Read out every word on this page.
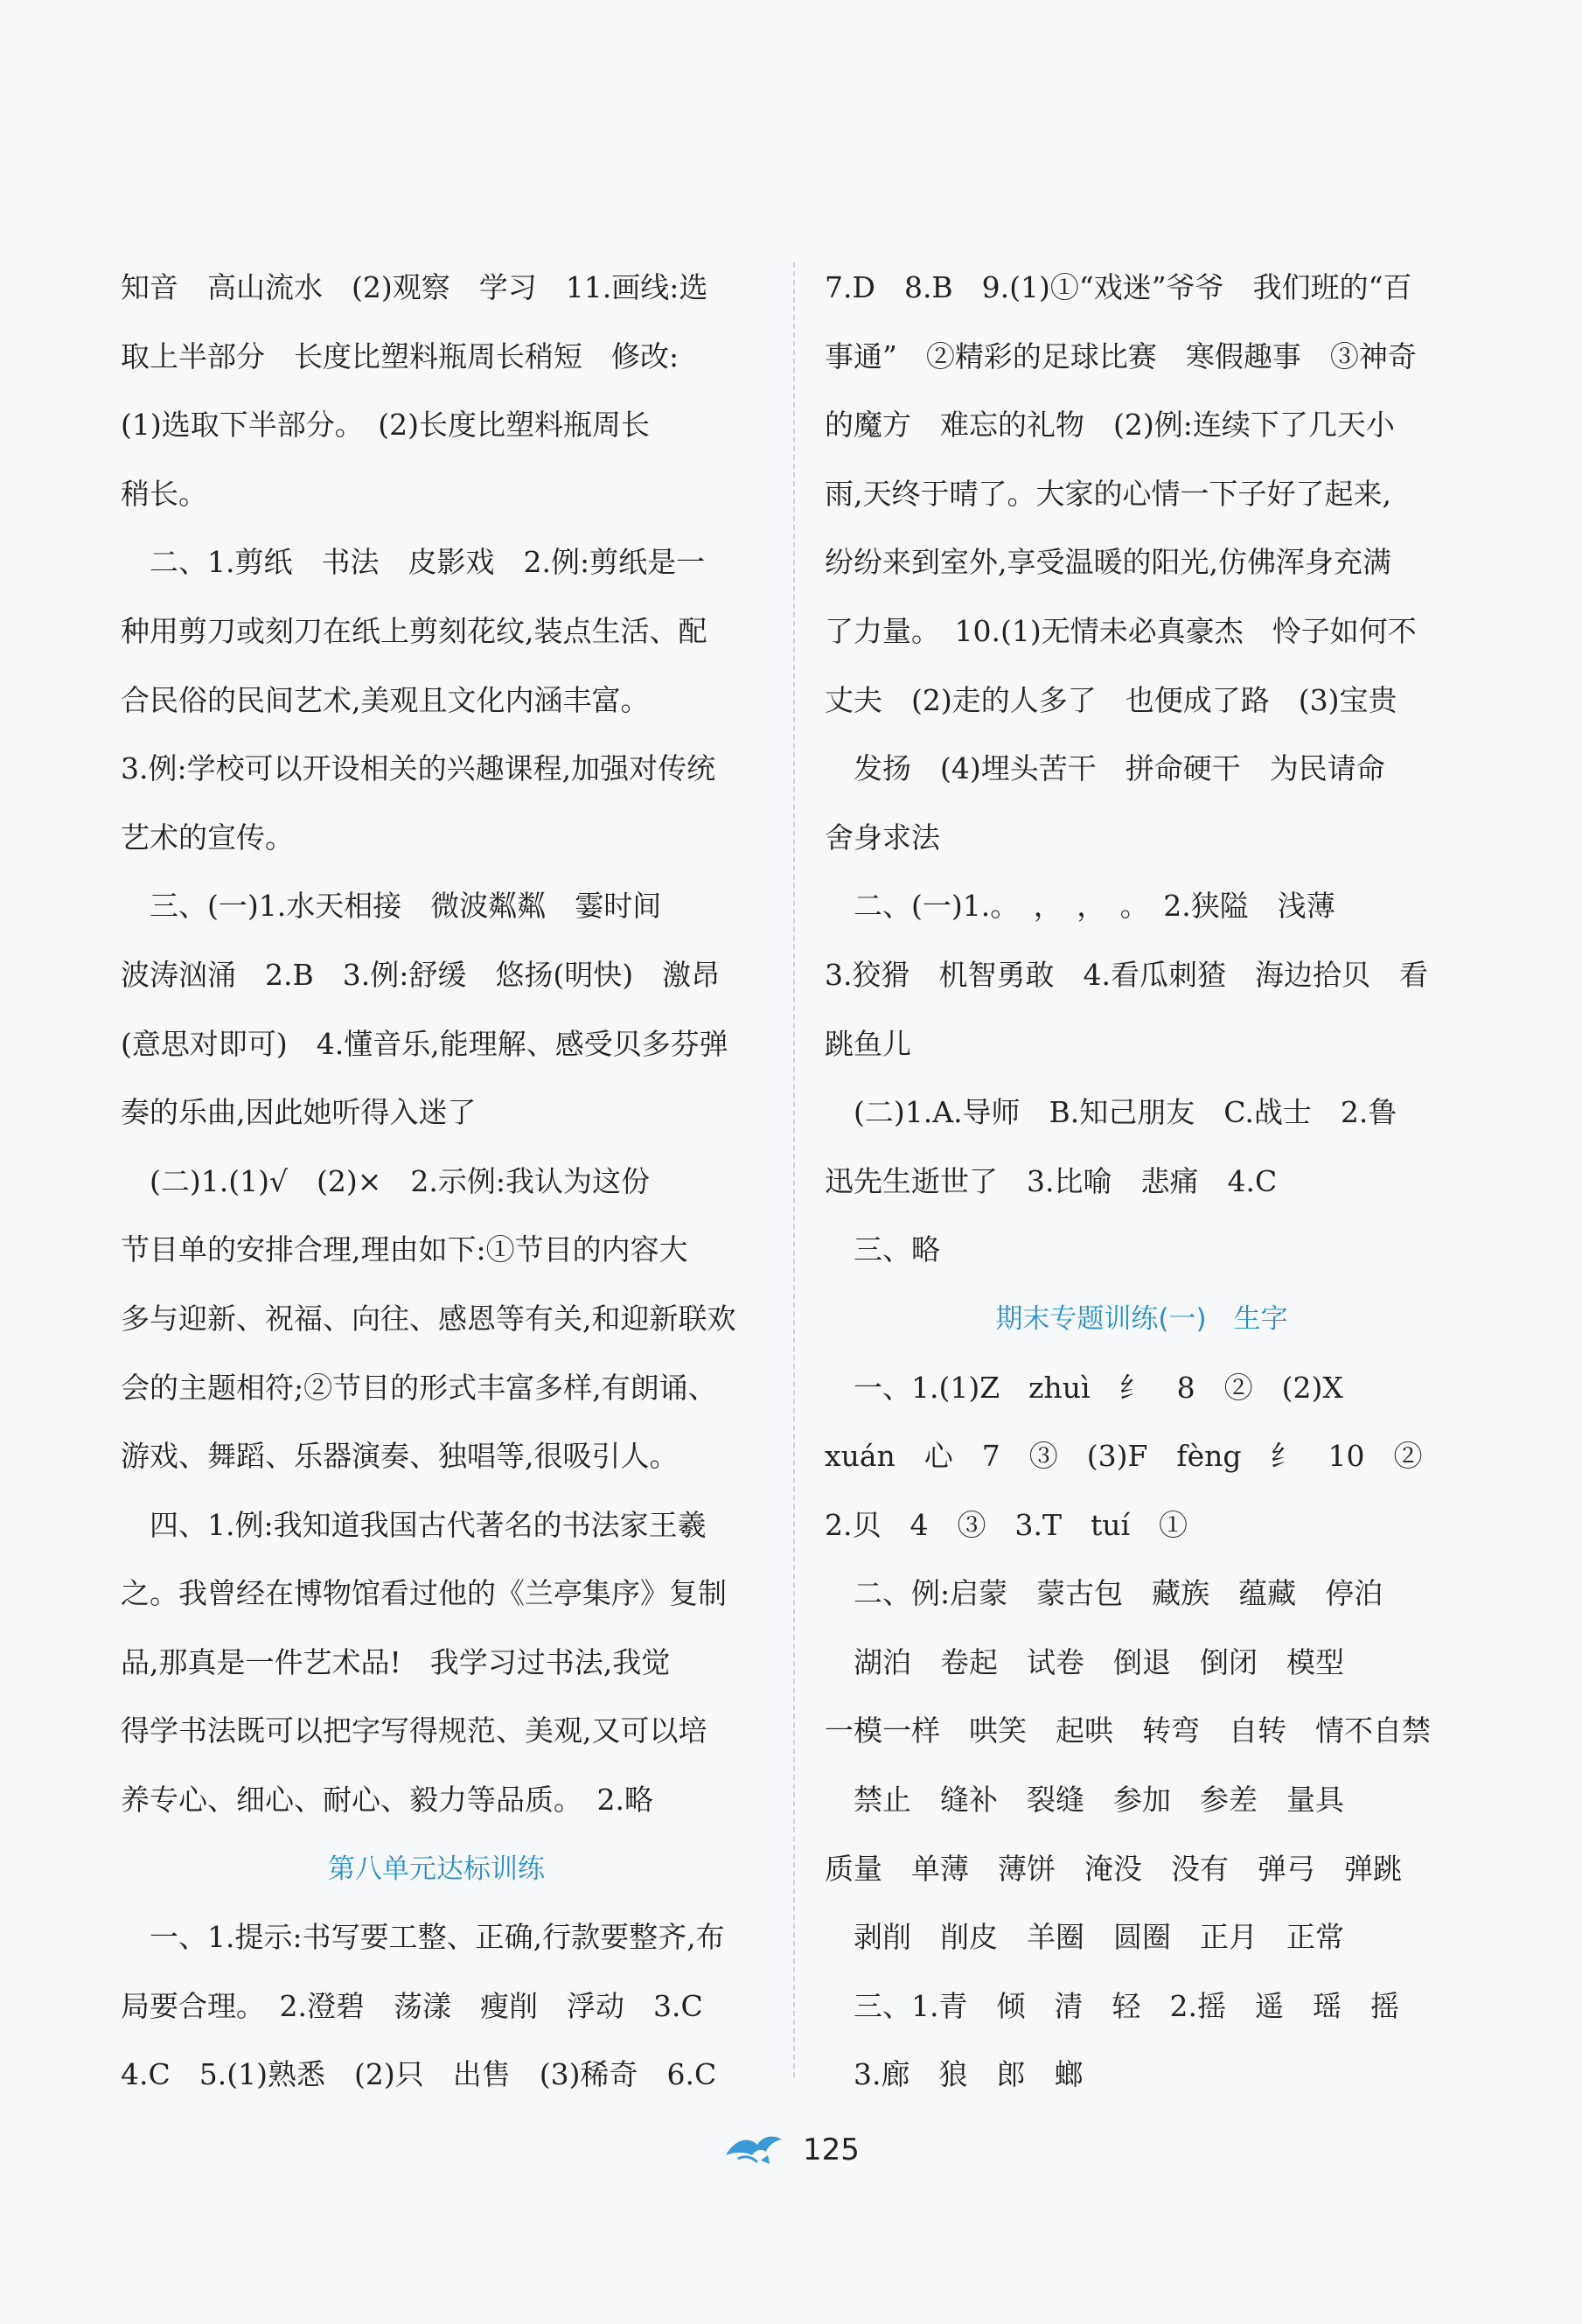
知音　高山流水　(2)观察　学习　11.画线:选
取上半部分　长度比塑料瓶周长稍短　修改:
(1)选取下半部分。　(2)长度比塑料瓶周长
稍长。
　二、1.剪纸　书法　皮影戏　2.例:剪纸是一
种用剪刀或刻刀在纸上剪刻花纹,装点生活、配
合民俗的民间艺术,美观且文化内涵丰富。
3.例:学校可以开设相关的兴趣课程,加强对传统
艺术的宣传。
　三、(一)1.水天相接　微波粼粼　霎时间
波涛汹涌　2.B　3.例:舒缓　悠扬(明快)　激昂
(意思对即可)　4.懂音乐,能理解、感受贝多芬弹
奏的乐曲,因此她听得入迷了
　(二)1.(1)√　(2)×　2.示例:我认为这份
节目单的安排合理,理由如下:①节目的内容大
多与迎新、祝福、向往、感恩等有关,和迎新联欢
会的主题相符;②节目的形式丰富多样,有朗诵、
游戏、舞蹈、乐器演奏、独唱等,很吸引人。
　四、1.例:我知道我国古代著名的书法家王羲
之。我曾经在博物馆看过他的《兰亭集序》复制
品,那真是一件艺术品!　我学习过书法,我觉
得学书法既可以把字写得规范、美观,又可以培
养专心、细心、耐心、毅力等品质。　2.略
第八单元达标训练
　一、1.提示:书写要工整、正确,行款要整齐,布
局要合理。　2.澄碧　荡漾　瘦削　浮动　3.C
4.C　5.(1)熟悉　(2)只　出售　(3)稀奇　6.C
7.D　8.B　9.(1)①“戏迷”爷爷　我们班的“百
事通”　②精彩的足球比赛　寒假趣事　③神奇
的魔方　难忘的礼物　(2)例:连续下了几天小
雨,天终于晴了。大家的心情一下子好了起来,
纷纷来到室外,享受温暖的阳光,仿佛浑身充满
了力量。　10.(1)无情未必真豪杰　怜子如何不
丈夫　(2)走的人多了　也便成了路　(3)宝贵
　发扬　(4)埋头苦干　拼命硬干　为民请命
舍身求法
　二、(一)1.。　，　，　。　2.狭隘　浅薄
3.狡猾　机智勇敢　4.看瓜刺猹　海边拾贝　看
跳鱼儿
　(二)1.A.导师　B.知己朋友　C.战士　2.鲁
迅先生逝世了　3.比喻　悲痛　4.C
　三、略
期末专题训练(一)　生字
　一、1.(1)Z　zhuì　纟　8　②　(2)X
xuán　心　7　③　(3)F　fèng　纟　10　②
2.贝　4　③　3.T　tuí　①
　二、例:启蒙　蒙古包　藏族　蕴藏　停泊
　湖泊　卷起　试卷　倒退　倒闭　模型
一模一样　哄笑　起哄　转弯　自转　情不自禁
　禁止　缝补　裂缝　参加　参差　量具
质量　单薄　薄饼　淹没　没有　弹弓　弹跳
　剥削　削皮　羊圈　圆圈　正月　正常
　三、1.青　倾　清　轻　2.摇　遥　瑶　摇
　3.廊　狼　郎　螂
125
